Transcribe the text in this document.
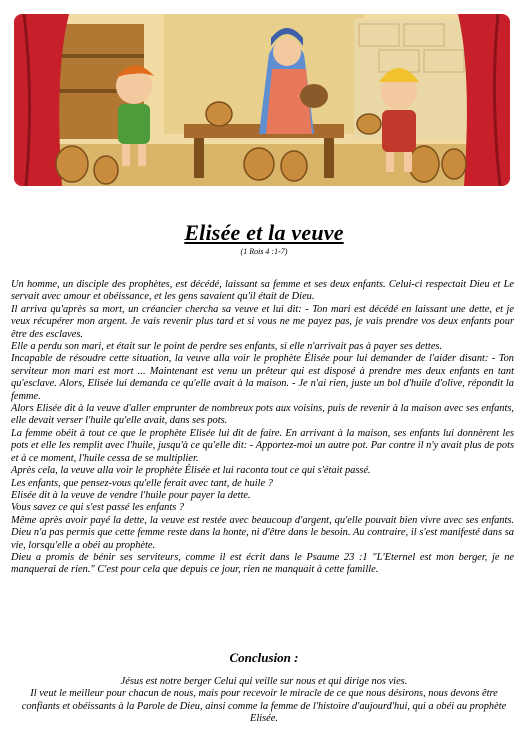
Elisée et la veuve
(1 Rois 4 :1-7)

Un homme, un disciple des prophètes, est décédé, laissant sa femme et ses deux enfants. Celui-ci respectait Dieu et Le servait avec amour et obéissance, et les gens savaient qu'il était de Dieu.

Il arriva qu'après sa mort, un créancier chercha sa veuve et lui dit: - Ton mari est décédé en laissant une dette, et je veux récupérer mon argent. Je vais revenir plus tard et si vous ne me payez pas, je vais prendre vos deux enfants pour être des esclaves.

Elle a perdu son mari, et était sur le point de perdre ses enfants, si elle n'arrivait pas à payer ses dettes.

Incapable de résoudre cette situation, la veuve alla voir le prophète Élisée pour lui demander de l'aider disant: - Ton serviteur mon mari est mort ... Maintenant est venu un prêteur qui est disposé à prendre mes deux enfants en tant qu'esclave. Alors, Elisée lui demanda ce qu'elle avait à la maison. - Je n'ai rien, juste un bol d'huile d'olive, répondit la femme.

Alors Elisée dit à la veuve d'aller emprunter de nombreux pots aux voisins, puis de revenir à la maison avec ses enfants, elle devait verser l'huile qu'elle avait, dans ses pots.

La femme obéit à tout ce que le prophète Elisée lui dit de faire. En arrivant à la maison, ses enfants lui donnèrent les pots et elle les remplit avec l'huile, jusqu'à ce qu'elle dit: - Apportez-moi un autre pot. Par contre il n'y avait plus de pots et à ce moment, l'huile cessa de se multiplier.

Après cela, la veuve alla voir le prophète Élisée et lui raconta tout ce qui s'était passé.

Les enfants, que pensez-vous qu'elle ferait avec tant, de huile ?

Elisée dit à la veuve de vendre l'huile pour payer la dette.

Vous savez ce qui s'est passé les enfants ?

Même après avoir payé la dette, la veuve est restée avec beaucoup d'argent, qu'elle pouvait bien vivre avec ses enfants. Dieu n'a pas permis que cette femme reste dans la honte, ni d'être dans le besoin. Au contraire, il s'est manifesté dans sa vie, lorsqu'elle a obéi au prophète.

Dieu a promis de bénir ses serviteurs, comme il est écrit dans le Psaume 23 :1 "L'Eternel est mon berger, je ne manquerai de rien." C'est pour cela que depuis ce jour, rien ne manquait à cette famille.

Conclusion :

Jésus est notre berger Celui qui veille sur nous et qui dirige nos vies.

Il veut le meilleur pour chacun de nous, mais pour recevoir le miracle de ce que nous désirons, nous devons être confiants et obéissants à la Parole de Dieu, ainsi comme la femme de l'histoire d'aujourd'hui, qui a obéi au prophète Elisée.
